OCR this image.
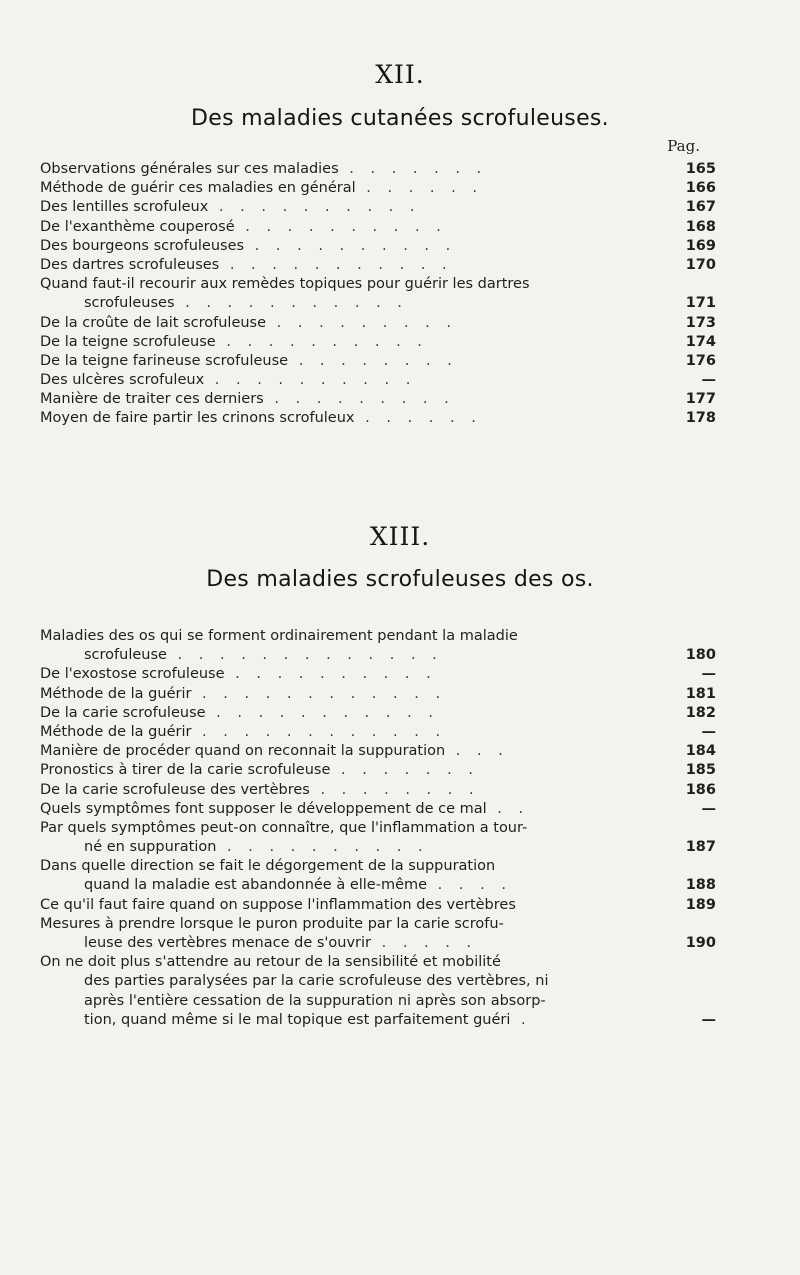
XII.
Des maladies cutanées scrofuleuses.
Pag.
Observations générales sur ces maladies . . . . . . .	165
Méthode de guérir ces maladies en général . . . . . .	166
Des lentilles scrofuleux . . . . . . . . . .	167
De l'exanthème couperosé . . . . . . . . . .	168
Des bourgeons scrofuleuses . . . . . . . . . .	169
Des dartres scrofuleuses . . . . . . . . . . .	170
Quand faut-il recourir aux remèdes topiques pour guérir les dartres
scrofuleuses . . . . . . . . . . .	171
De la croûte de lait scrofuleuse . . . . . . . . .	173
De la teigne scrofuleuse . . . . . . . . . .	174
De la teigne farineuse scrofuleuse . . . . . . . .	176
Des ulcères scrofuleux . . . . . . . . . .	—
Manière de traiter ces derniers . . . . . . . . .	177
Moyen de faire partir les crinons scrofuleux . . . . . .	178
XIII.
Des maladies scrofuleuses des os.
Maladies des os qui se forment ordinairement pendant la maladie
scrofuleuse . . . . . . . . . . . . .	180
De l'exostose scrofuleuse . . . . . . . . . .	—
Méthode de la guérir . . . . . . . . . . . .	181
De la carie scrofuleuse . . . . . . . . . . .	182
Méthode de la guérir . . . . . . . . . . . .	—
Manière de procéder quand on reconnait la suppuration . . .	184
Pronostics à tirer de la carie scrofuleuse . . . . . . .	185
De la carie scrofuleuse des vertèbres . . . . . . . .	186
Quels symptômes font supposer le développement de ce mal . .	—
Par quels symptômes peut-on connaître, que l'inflammation a tour-
né en suppuration . . . . . . . . . .	187
Dans quelle direction se fait le dégorgement de la suppuration
quand la maladie est abandonnée à elle-même . . . .	188
Ce qu'il faut faire quand on suppose l'inflammation des vertèbres	189
Mesures à prendre lorsque le puron produite par la carie scrofu-
leuse des vertèbres menace de s'ouvrir . . . . .	190
On ne doit plus s'attendre au retour de la sensibilité et mobilité
des parties paralysées par la carie scrofuleuse des vertèbres, ni
après l'entière cessation de la suppuration ni après son absorp-
tion, quand même si le mal topique est parfaitement guéri .	—
